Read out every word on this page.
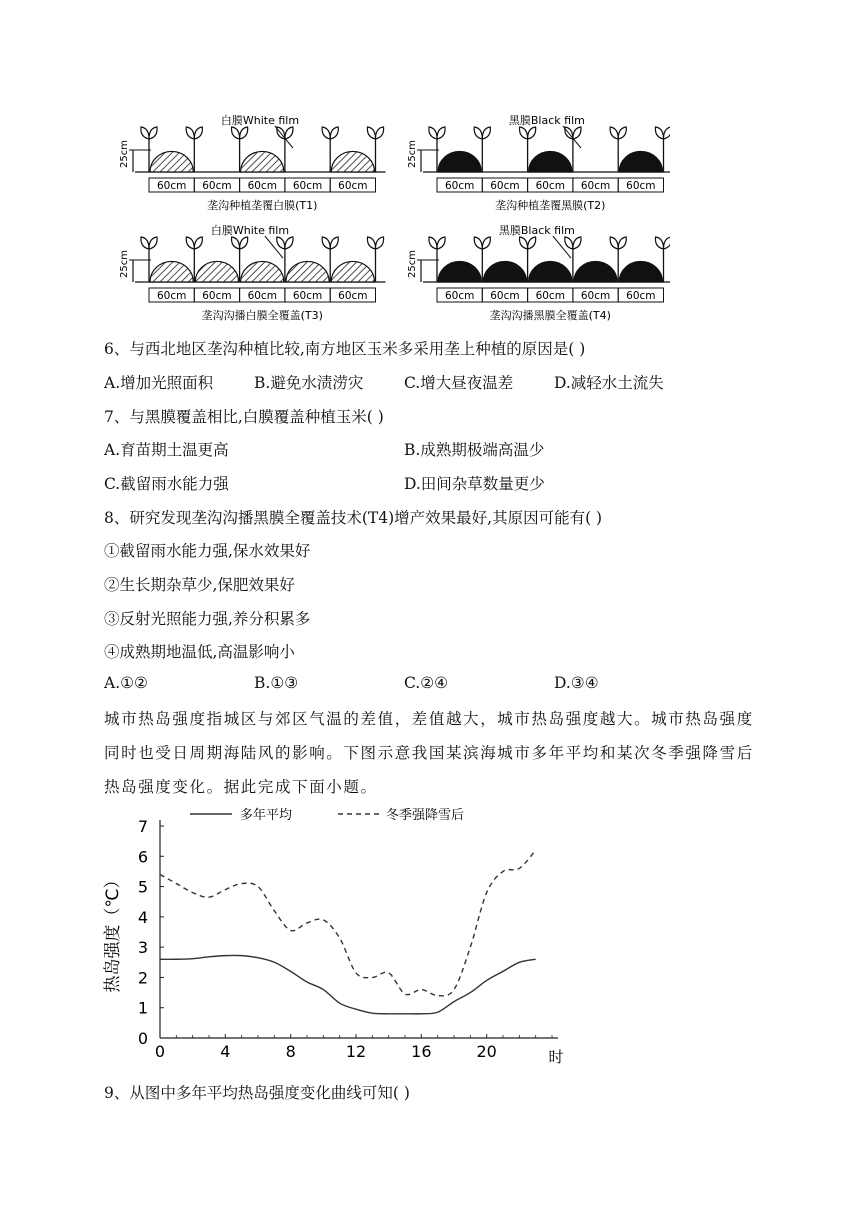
25cm
白膜White film
60cm 60cm 60cm 60cm 60cm
垄沟种植垄覆白膜(T1)
25cm
黑膜Black film
60cm 60cm 60cm 60cm 60cm
垄沟种植垄覆黑膜(T2)
25cm
白膜White film
60cm 60cm 60cm 60cm 60cm
垄沟沟播白膜全覆盖(T3)
25cm
黑膜Black film
60cm 60cm 60cm 60cm 60cm
垄沟沟播黑膜全覆盖(T4)
6、与西北地区垄沟种植比较,南方地区玉米多采用垄上种植的原因是( )
A.增加光照面积	B.避免水渍涝灾	C.增大昼夜温差	D.减轻水土流失
7、与黑膜覆盖相比,白膜覆盖种植玉米( )
A.育苗期土温更高	B.成熟期极端高温少
C.截留雨水能力强	D.田间杂草数量更少
8、研究发现垄沟沟播黑膜全覆盖技术(T4)增产效果最好,其原因可能有( )
①截留雨水能力强,保水效果好
②生长期杂草少,保肥效果好
③反射光照能力强,养分积累多
④成熟期地温低,高温影响小
A.①②	B.①③	C.②④	D.③④
城市热岛强度指城区与郊区气温的差值，差值越大，城市热岛强度越大。城市热岛强度同时也受日周期海陆风的影响。下图示意我国某滨海城市多年平均和某次冬季强降雪后热岛强度变化。据此完成下面小题。
0
1
2
3
4
5
6
7
0	4	8	12	16	20	时
热岛强度（℃）
多年平均	冬季强降雪后
9、从图中多年平均热岛强度变化曲线可知( )
